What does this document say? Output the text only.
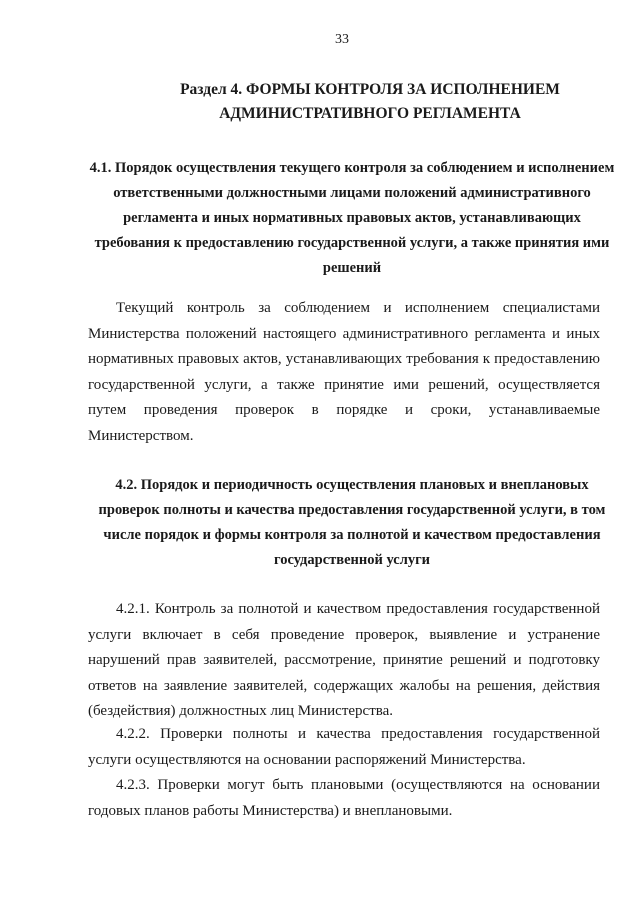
33
Раздел 4. ФОРМЫ КОНТРОЛЯ ЗА ИСПОЛНЕНИЕМ АДМИНИСТРАТИВНОГО РЕГЛАМЕНТА
4.1. Порядок осуществления текущего контроля за соблюдением и исполнением ответственными должностными лицами положений административного регламента и иных нормативных правовых актов, устанавливающих требования к предоставлению государственной услуги, а также принятия ими решений
Текущий контроль за соблюдением и исполнением специалистами Министерства положений настоящего административного регламента и иных нормативных правовых актов, устанавливающих требования к предоставлению государственной услуги, а также принятие ими решений, осуществляется путем проведения проверок в порядке и сроки, устанавливаемые Министерством.
4.2. Порядок и периодичность осуществления плановых и внеплановых проверок полноты и качества предоставления государственной услуги, в том числе порядок и формы контроля за полнотой и качеством предоставления государственной услуги
4.2.1. Контроль за полнотой и качеством предоставления государственной услуги включает в себя проведение проверок, выявление и устранение нарушений прав заявителей, рассмотрение, принятие решений и подготовку ответов на заявление заявителей, содержащих жалобы на решения, действия (бездействия) должностных лиц Министерства.
4.2.2. Проверки полноты и качества предоставления государственной услуги осуществляются на основании распоряжений Министерства.
4.2.3. Проверки могут быть плановыми (осуществляются на основании годовых планов работы Министерства) и внеплановыми.
